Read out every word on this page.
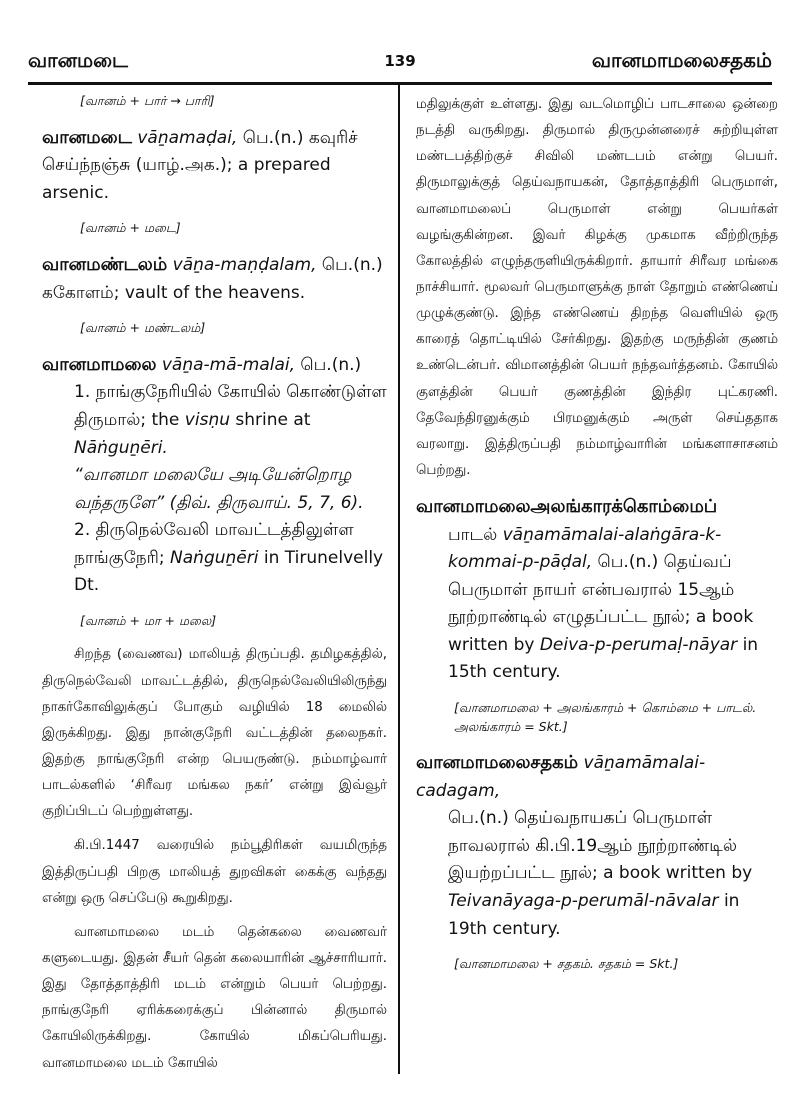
வானமடை	139	வானமாமலைசதகம்
[வானம் + பார் → பாரி]
வானமடை vāṉamaḍai, பெ.(n.) கவுரிச் செய்ந்நஞ்சு (யாழ்.அக.); a prepared arsenic.
[வானம் + மடை]
வானமண்டலம் vāṉa-maṇḍalam, பெ.(n.) ககோளம்; vault of the heavens.
[வானம் + மண்டலம்]
வானமாமலை vāṉa-mā-malai, பெ.(n.)
1. நாங்குநேரியில் கோயில் கொண்டுள்ள திருமால்; the visṇu shrine at Nāṅguṉēri.
“வானமா மலையே அடியேன்றொழ வந்தருளே” (திவ். திருவாய். 5, 7, 6).
2. திருநெல்வேலி மாவட்டத்திலுள்ள நாங்குநேரி; Naṅguṉēri in Tirunelvelly Dt.
[வானம் + மா + மலை]

சிறந்த (வைணவ) மாலியத் திருப்பதி. தமிழகத்தில், திருநெல்வேலி மாவட்டத்தில், திருநெல்வேலியிலிருந்து நாகர்கோவிலுக்குப் போகும் வழியில் 18 மைலில் இருக்கிறது. இது நான்குநேரி வட்டத்தின் தலைநகர். இதற்கு நாங்குநேரி என்ற பெயருண்டு. நம்மாழ்வார் பாடல்களில் ‘சிரீவர மங்கல நகர்’ என்று இவ்வூர் குறிப்பிடப் பெற்றுள்ளது.

கி.பி.1447 வரையில் நம்பூதிரிகள் வயமிருந்த இத்திருப்பதி பிறகு மாலியத் துறவிகள் கைக்கு வந்தது என்று ஒரு செப்பேடு கூறுகிறது.

வானமாமலை மடம் தென்கலை வைணவர் களுடையது. இதன் சீயர் தென் கலையாரின் ஆச்சாரியார். இது தோத்தாத்திரி மடம் என்றும் பெயர் பெற்றது. நாங்குநேரி ஏரிக்கரைக்குப் பின்னால் திருமால் கோயிலிருக்கிறது. கோயில் மிகப்பெரியது. வானமாமலை மடம் கோயில்

மதிலுக்குள் உள்ளது. இது வடமொழிப் பாடசாலை ஒன்றை நடத்தி வருகிறது. திருமால் திருமுன்னரைச் சுற்றியுள்ள மண்டபத்திற்குச் சிவிலி மண்டபம் என்று பெயர். திருமாலுக்குத் தெய்வநாயகன், தோத்தாத்திரி பெருமாள், வானமாமலைப் பெருமாள் என்று பெயர்கள் வழங்குகின்றன. இவர் கிழக்கு முகமாக வீற்றிருந்த கோலத்தில் எழுந்தருளியிருக்கிறார். தாயார் சிரீவர மங்கை நாச்சியார். மூலவர் பெருமாளுக்கு நாள் தோறும் எண்ணெய் முழுக்குண்டு. இந்த எண்ணெய் திறந்த வெளியில் ஒரு காரைத் தொட்டியில் சேர்கிறது. இதற்கு மருந்தின் குணம் உண்டென்பர். விமானத்தின் பெயர் நந்தவர்த்தனம். கோயில் குளத்தின் பெயர் குணத்தின் இந்திர புட்கரணி. தேவேந்திரனுக்கும் பிரமனுக்கும் அருள் செய்ததாக வரலாறு. இத்திருப்பதி நம்மாழ்வாரின் மங்களாசாசனம் பெற்றது.

வானமாமலைஅலங்காரக்கொம்மைப்
பாடல் vāṉamāmalai-alaṅgāra-k-kommai-p-pāḍal, பெ.(n.) தெய்வப் பெருமாள் நாயர் என்பவரால் 15ஆம் நூற்றாண்டில் எழுதப்பட்ட நூல்; a book written by Deiva-p-perumaḷ-nāyar in 15th century.
[வானமாமலை + அலங்காரம் + கொம்மை + பாடல். அலங்காரம் = Skt.]
வானமாமலைசதகம் vāṉamāmalai-cadagam,
பெ.(n.) தெய்வநாயகப் பெருமாள் நாவலரால் கி.பி.19ஆம் நூற்றாண்டில் இயற்றப்பட்ட நூல்; a book written by Teivanāyaga-p-perumāl-nāvalar in 19th century.
[வானமாமலை + சதகம். சதகம் = Skt.]
